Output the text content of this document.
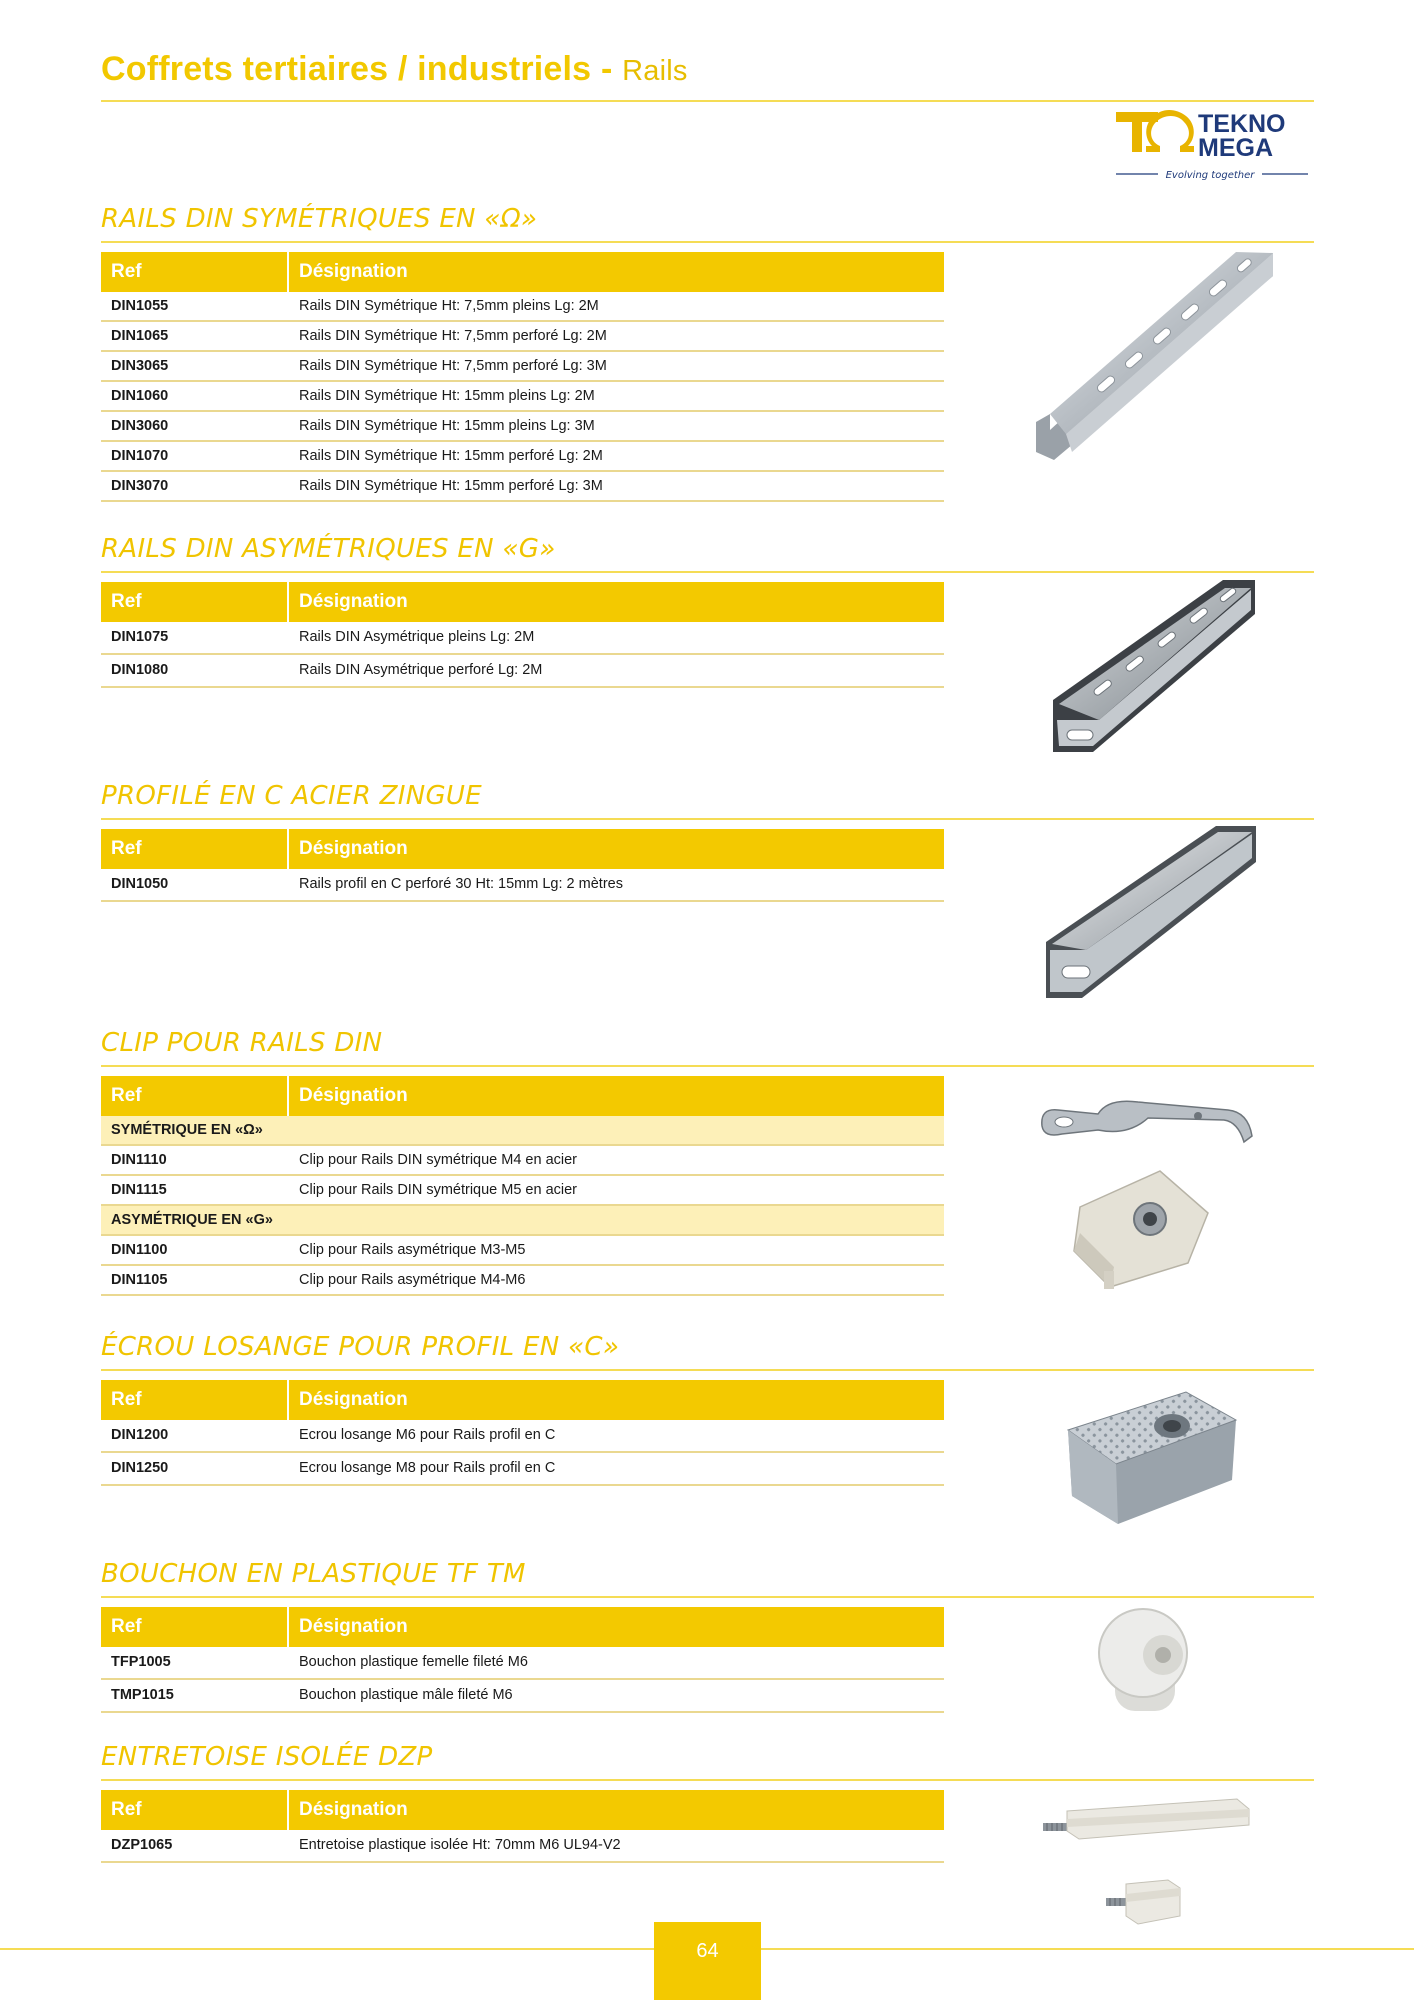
Coffrets tertiaires / industriels - Rails
TEKNO
MEGA
Evolving together
RAILS DIN SYMÉTRIQUES EN «Ω»
Ref	Désignation
DIN1055	Rails DIN Symétrique Ht: 7,5mm pleins Lg: 2M
DIN1065	Rails DIN Symétrique Ht: 7,5mm perforé Lg: 2M
DIN3065	Rails DIN Symétrique Ht: 7,5mm perforé Lg: 3M
DIN1060	Rails DIN Symétrique Ht: 15mm pleins Lg: 2M
DIN3060	Rails DIN Symétrique Ht: 15mm pleins Lg: 3M
DIN1070	Rails DIN Symétrique Ht: 15mm perforé Lg: 2M
DIN3070	Rails DIN Symétrique Ht: 15mm perforé Lg: 3M
RAILS DIN ASYMÉTRIQUES EN «G»
Ref	Désignation
DIN1075	Rails DIN Asymétrique pleins Lg: 2M
DIN1080	Rails DIN Asymétrique perforé Lg: 2M
PROFILÉ EN C ACIER ZINGUE
Ref	Désignation
DIN1050	Rails profil en C perforé 30 Ht: 15mm Lg: 2 mètres
CLIP POUR RAILS DIN
Ref	Désignation
SYMÉTRIQUE EN «Ω»
DIN1110	Clip pour Rails DIN symétrique M4 en acier
DIN1115	Clip pour Rails DIN symétrique M5 en acier
ASYMÉTRIQUE EN «G»
DIN1100	Clip pour Rails asymétrique M3-M5
DIN1105	Clip pour Rails asymétrique M4-M6
ÉCROU LOSANGE POUR PROFIL EN «C»
Ref	Désignation
DIN1200	Ecrou losange M6 pour Rails profil en C
DIN1250	Ecrou losange M8 pour Rails profil en C
BOUCHON EN PLASTIQUE TF TM
Ref	Désignation
TFP1005	Bouchon plastique femelle fileté M6
TMP1015	Bouchon plastique mâle fileté M6
ENTRETOISE ISOLÉE DZP
Ref	Désignation
DZP1065	Entretoise plastique isolée Ht: 70mm M6 UL94-V2
64
